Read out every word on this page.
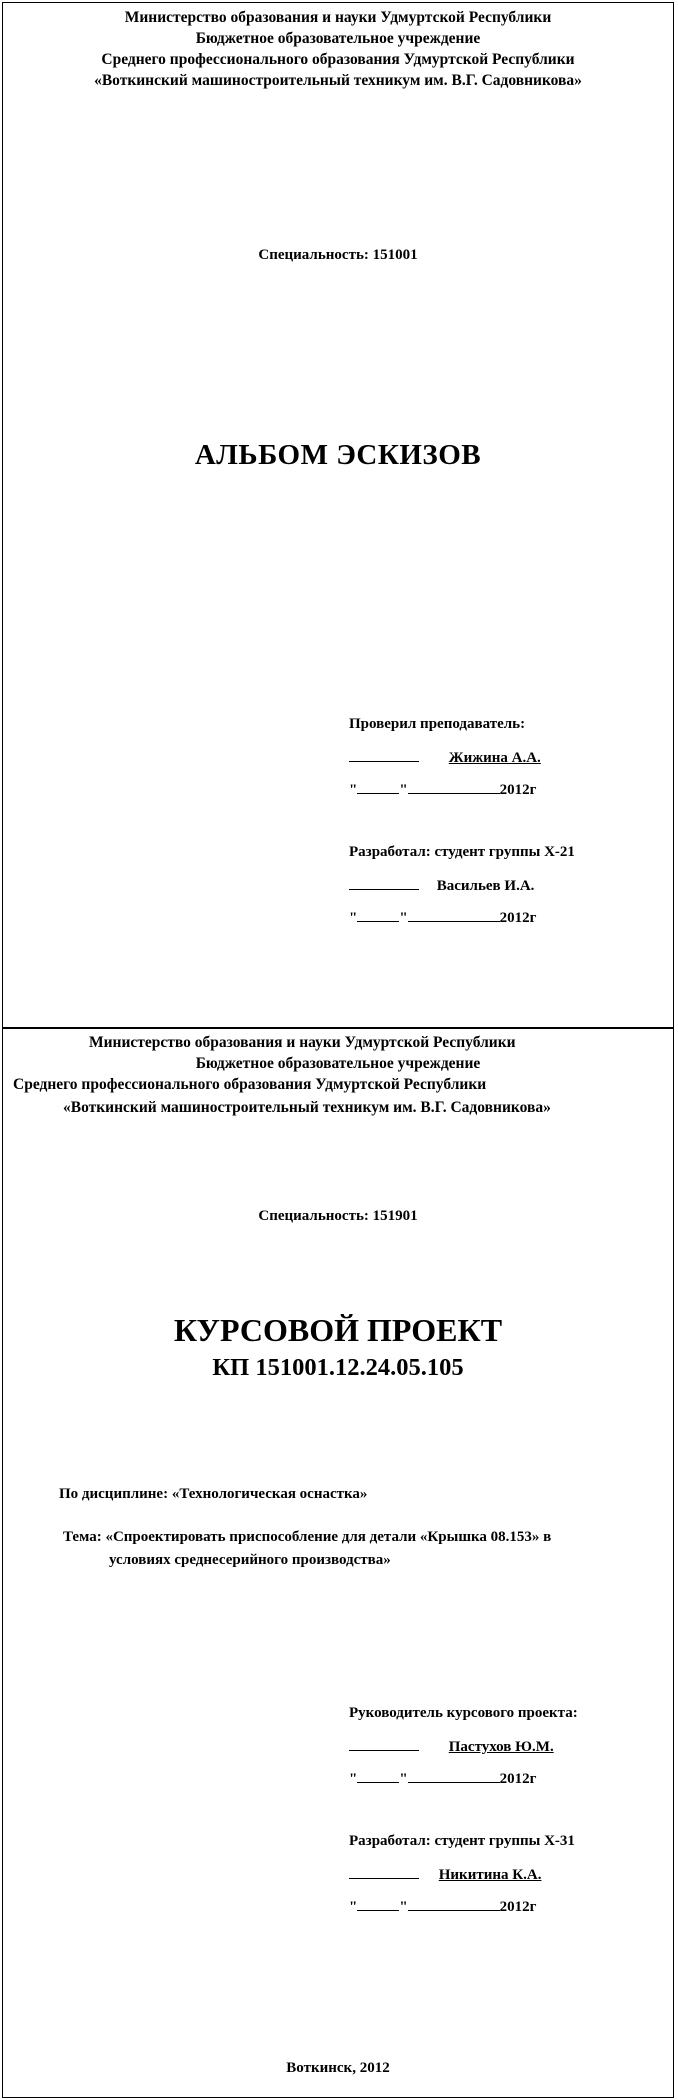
Министерство образования и науки Удмуртской Республики
Бюджетное образовательное учреждение
Среднего профессионального образования Удмуртской Республики
«Воткинский машиностроительный техникум им. В.Г. Садовникова»
Специальность: 151001
АЛЬБОМ ЭСКИЗОВ
Проверил преподаватель:
Жижина А.А.
"	"	2012г
Разработал: студент группы Х-21
Васильев И.А.
"	"	2012г
Министерство образования и науки Удмуртской Республики
Бюджетное образовательное учреждение
Среднего профессионального образования Удмуртской Республики
«Воткинский машиностроительный техникум им. В.Г. Садовникова»
Специальность: 151901
КУРСОВОЙ ПРОЕКТ
КП 151001.12.24.05.105
По дисциплине: «Технологическая оснастка»
Тема: «Спроектировать приспособление для детали «Крышка 08.153» в
условиях среднесерийного производства»
Руководитель курсового проекта:
Пастухов Ю.М.
"	"	2012г
Разработал: студент группы Х-31
Никитина К.А.
"	"	2012г
Воткинск, 2012
